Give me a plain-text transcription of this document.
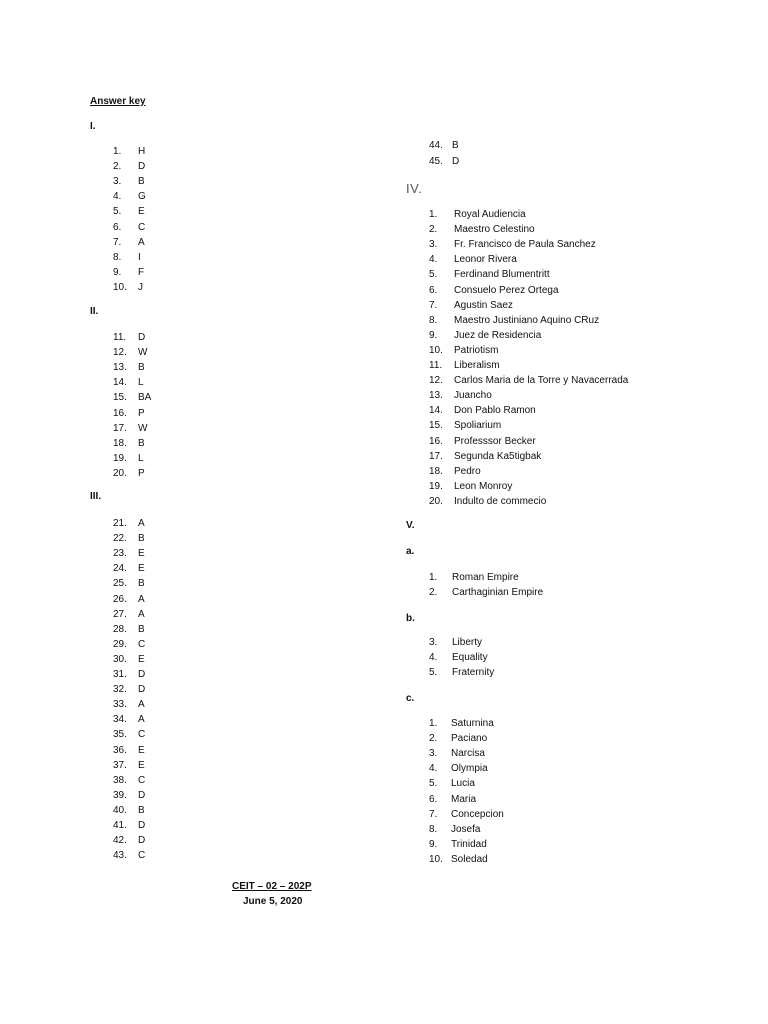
Answer key
I.
1. H
2. D
3. B
4. G
5. E
6. C
7. A
8. I
9. F
10. J
II.
11. D
12. W
13. B
14. L
15. BA
16. P
17. W
18. B
19. L
20. P
III.
21. A
22. B
23. E
24. E
25. B
26. A
27. A
28. B
29. C
30. E
31. D
32. D
33. A
34. A
35. C
36. E
37. E
38. C
39. D
40. B
41. D
42. D
43. C
44. B
45. D
IV.
1. Royal Audiencia
2. Maestro Celestino
3. Fr. Francisco de Paula Sanchez
4. Leonor Rivera
5. Ferdinand Blumentritt
6. Consuelo Perez Ortega
7. Agustin Saez
8. Maestro Justiniano Aquino CRuz
9. Juez de Residencia
10. Patriotism
11. Liberalism
12. Carlos Maria de la Torre y Navacerrada
13. Juancho
14. Don Pablo Ramon
15. Spoliarium
16. Professsor Becker
17. Segunda Ka5tigbak
18. Pedro
19. Leon Monroy
20. Indulto de commecio
V.
a.
1. Roman Empire
2. Carthaginian Empire
b.
3. Liberty
4. Equality
5. Fraternity
c.
1. Saturnina
2. Paciano
3. Narcisa
4. Olympia
5. Lucia
6. Maria
7. Concepcion
8. Josefa
9. Trinidad
10. Soledad
CEIT – 02 – 202P
June 5, 2020
